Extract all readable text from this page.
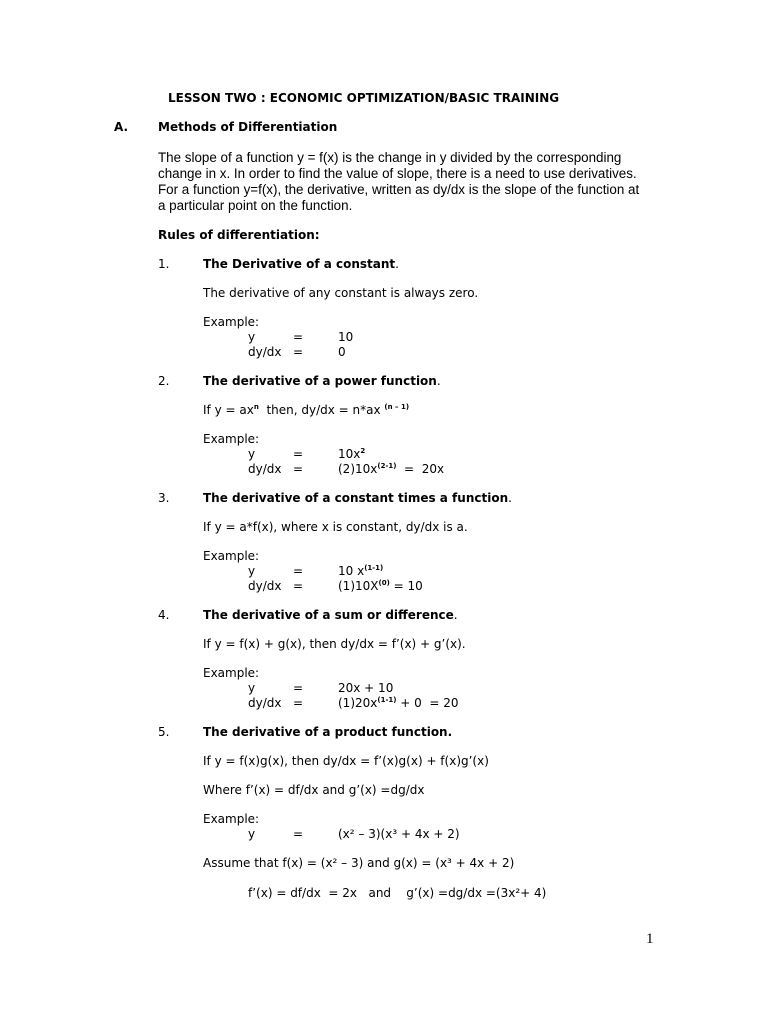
LESSON TWO : ECONOMIC OPTIMIZATION/BASIC TRAINING
A. Methods of Differentiation
The slope of a function y = f(x) is the change in y divided by the corresponding
change in x. In order to find the value of slope, there is a need to use derivatives.
For a function y=f(x), the derivative, written as dy/dx is the slope of the function at
a particular point on the function.
Rules of differentiation:
1.	The Derivative of a constant.
The derivative of any constant is always zero.
Example:
y	=	10
dy/dx =	0
2.	The derivative of a power function.
If $y = ax^n$  then, dy/dx = n*ax $^{(n - 1)}$
Example:
y	=	$10x^2$
dy/dx =	$(2)10x^{(2-1)} = 20x$
3.	The derivative of a constant times a function.
If y = a*f(x), where x is constant, dy/dx is a.
Example:
y	=	10 $x^{(1-1)}$
dy/dx =	$(1)10X^{(0)} = 10$
4.	The derivative of a sum or difference.
If y = f(x) + g(x), then dy/dx = f’(x) + g’(x).
Example:
y	=	20x + 10
dy/dx =	$(1)20x^{(1-1)} + 0 = 20$
5.	The derivative of a product function.
If y = f(x)g(x), then dy/dx = f’(x)g(x) + f(x)g’(x)
Where f’(x) = df/dx and g’(x) =dg/dx
Example:
y	=	(x² – 3)(x³ + 4x + 2)
Assume that f(x) = (x² – 3) and g(x) = (x³ + 4x + 2)
f’(x) = df/dx  = 2x   and    g’(x) =dg/dx =(3x²+ 4)
1
